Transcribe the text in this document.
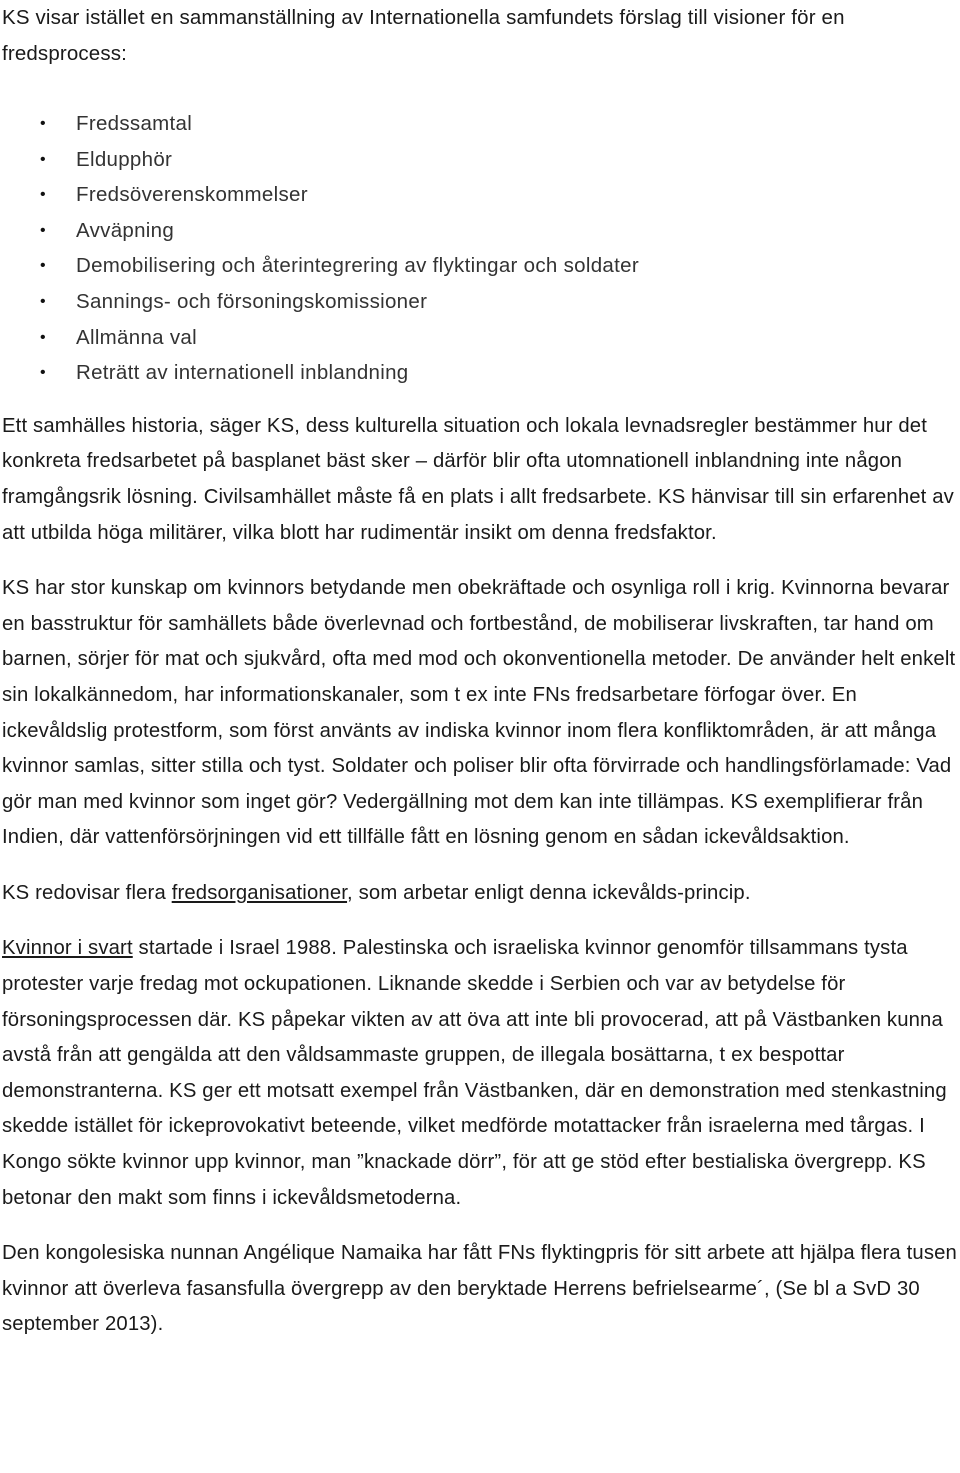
KS visar istället en sammanställning av Internationella samfundets förslag till visioner för en fredsprocess:

• Fredssamtal
• Eldupphör
• Fredsöverenskommelser
• Avväpning
• Demobilisering och återintegrering av flyktingar och soldater
• Sannings- och försoningskomissioner
• Allmänna val
• Reträtt av internationell inblandning

Ett samhälles historia, säger KS, dess kulturella situation och lokala levnadsregler bestämmer hur det konkreta fredsarbetet på basplanet bäst sker – därför blir ofta utomnationell inblandning inte någon framgångsrik lösning. Civilsamhället måste få en plats i allt fredsarbete. KS hänvisar till sin erfarenhet av att utbilda höga militärer, vilka blott har rudimentär insikt om denna fredsfaktor.

KS har stor kunskap om kvinnors betydande men obekräftade och osynliga roll i krig. Kvinnorna bevarar en basstruktur för samhällets både överlevnad och fortbestånd, de mobiliserar livskraften, tar hand om barnen, sörjer för mat och sjukvård, ofta med mod och okonventionella metoder. De använder helt enkelt sin lokalkännedom, har informationskanaler, som t ex inte FNs fredsarbetare förfogar över. En ickevåldslig protestform, som först använts av indiska kvinnor inom flera konfliktområden, är att många kvinnor samlas, sitter stilla och tyst. Soldater och poliser blir ofta förvirrade och handlingsförlamade: Vad gör man med kvinnor som inget gör? Vedergällning mot dem kan inte tillämpas. KS exemplifierar från Indien, där vattenförsörjningen vid ett tillfälle fått en lösning genom en sådan ickevåldsaktion.

KS redovisar flera fredsorganisationer, som arbetar enligt denna ickevålds-princip.

Kvinnor i svart startade i Israel 1988. Palestinska och israeliska kvinnor genomför tillsammans tysta protester varje fredag mot ockupationen. Liknande skedde i Serbien och var av betydelse för försoningsprocessen där. KS påpekar vikten av att öva att inte bli provocerad, att på Västbanken kunna avstå från att gengälda att den våldsammaste gruppen, de illegala bosättarna, t ex bespottar demonstranterna. KS ger ett motsatt exempel från Västbanken, där en demonstration med stenkastning skedde istället för ickeprovokativt beteende, vilket medförde motattacker från israelerna med tårgas. I Kongo sökte kvinnor upp kvinnor, man ”knackade dörr”, för att ge stöd efter bestialiska övergrepp. KS betonar den makt som finns i ickevåldsmetoderna.

Den kongolesiska nunnan Angélique Namaika har fått FNs flyktingpris för sitt arbete att hjälpa flera tusen kvinnor att överleva fasansfulla övergrepp av den beryktade Herrens befrielsearme´, (Se bl a SvD 30 september 2013).
